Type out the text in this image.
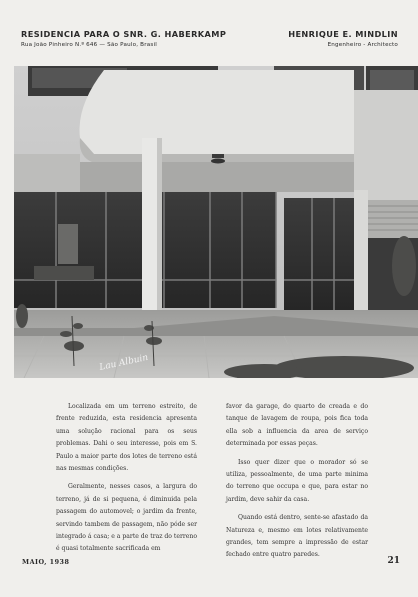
RESIDENCIA PARA O SNR. G. HABERKAMP
Rua João Pinheiro N.º 646 — São Paulo, Brasil
HENRIQUE E. MINDLIN
Engenheiro - Architecto
Lau Albuin

Localizada em um terreno estreito, de frente reduzida, esta residencia apresenta uma solução racional para os seus problemas. Dahi o seu interesse, pois em S. Paulo a maior parte dos lotes de terreno está nas mesmas condições.

Geralmente, nesses casos, a largura do terreno, já de si pequena, é diminuida pela passagem do automovel; o jardim da frente, servindo tambem de passagem, não póde ser integrado á casa; e a parte de traz do terreno é quasi totalmente sacrificada em

favor da garage, do quarto de creada e do tanque de lavagem de roupa, pois fica toda ella sob a influencia da area de serviço determinada por essas peças.

Isso quer dizer que o morador só se utiliza, pessoalmente, de uma parte minima do terreno que occupa e que, para estar no jardim, deve sahir da casa.

Quando está dentro, sente-se afastado da Natureza e, mesmo em lotes relativamente grandes, tem sempre a impressão de estar fechado entre quatro paredes.

MAIO, 1938	21
